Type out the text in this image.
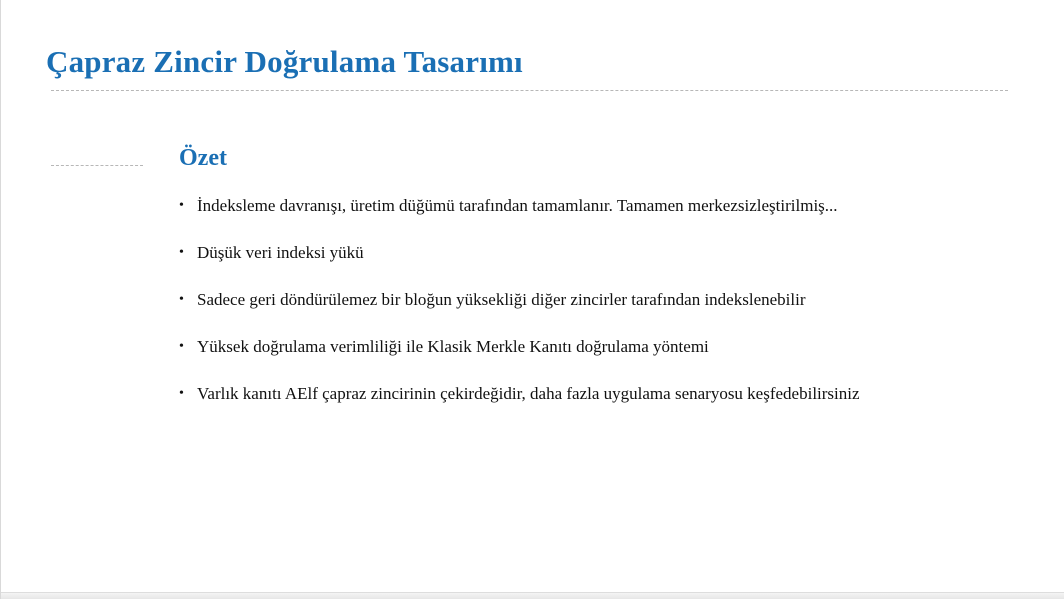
Çapraz Zincir Doğrulama Tasarımı
Özet
• İndeksleme davranışı, üretim düğümü tarafından tamamlanır. Tamamen merkezsizleştirilmiş...
• Düşük veri indeksi yükü
• Sadece geri döndürülemez bir bloğun yüksekliği diğer zincirler tarafından indekslenebilir
• Yüksek doğrulama verimliliği ile Klasik Merkle Kanıtı doğrulama yöntemi
• Varlık kanıtı AElf çapraz zincirinin çekirdeğidir, daha fazla uygulama senaryosu keşfedebilirsiniz
